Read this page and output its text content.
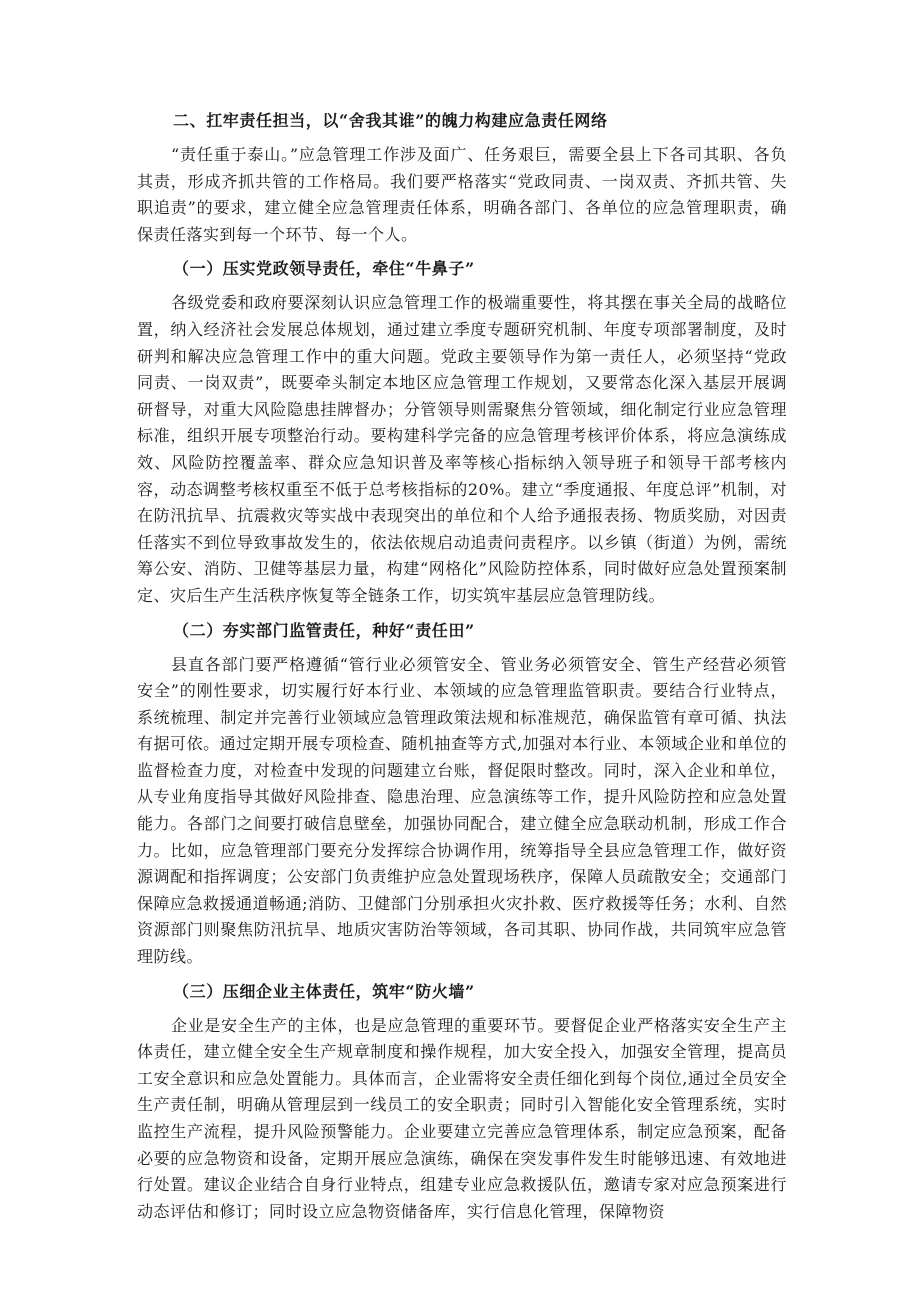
二、扛牢责任担当，以“舍我其谁”的魄力构建应急责任网络

“责任重于泰山。”应急管理工作涉及面广、任务艰巨，需要全县上下各司其职、各负其责，形成齐抓共管的工作格局。我们要严格落实“党政同责、一岗双责、齐抓共管、失职追责”的要求，建立健全应急管理责任体系，明确各部门、各单位的应急管理职责，确保责任落实到每一个环节、每一个人。

（一）压实党政领导责任，牵住“牛鼻子”

各级党委和政府要深刻认识应急管理工作的极端重要性，将其摆在事关全局的战略位置，纳入经济社会发展总体规划，通过建立季度专题研究机制、年度专项部署制度，及时研判和解决应急管理工作中的重大问题。党政主要领导作为第一责任人，必须坚持“党政同责、一岗双责”，既要牵头制定本地区应急管理工作规划，又要常态化深入基层开展调研督导，对重大风险隐患挂牌督办；分管领导则需聚焦分管领域，细化制定行业应急管理标准，组织开展专项整治行动。要构建科学完备的应急管理考核评价体系，将应急演练成效、风险防控覆盖率、群众应急知识普及率等核心指标纳入领导班子和领导干部考核内容，动态调整考核权重至不低于总考核指标的20%。建立“季度通报、年度总评”机制，对在防汛抗旱、抗震救灾等实战中表现突出的单位和个人给予通报表扬、物质奖励，对因责任落实不到位导致事故发生的，依法依规启动追责问责程序。以乡镇（街道）为例，需统筹公安、消防、卫健等基层力量，构建“网格化”风险防控体系，同时做好应急处置预案制定、灾后生产生活秩序恢复等全链条工作，切实筑牢基层应急管理防线。

（二）夯实部门监管责任，种好“责任田”

县直各部门要严格遵循“管行业必须管安全、管业务必须管安全、管生产经营必须管安全”的刚性要求，切实履行好本行业、本领域的应急管理监管职责。要结合行业特点，系统梳理、制定并完善行业领域应急管理政策法规和标准规范，确保监管有章可循、执法有据可依。通过定期开展专项检查、随机抽查等方式,加强对本行业、本领域企业和单位的监督检查力度，对检查中发现的问题建立台账，督促限时整改。同时，深入企业和单位，从专业角度指导其做好风险排查、隐患治理、应急演练等工作，提升风险防控和应急处置能力。各部门之间要打破信息壁垒，加强协同配合，建立健全应急联动机制，形成工作合力。比如，应急管理部门要充分发挥综合协调作用，统筹指导全县应急管理工作，做好资源调配和指挥调度；公安部门负责维护应急处置现场秩序，保障人员疏散安全；交通部门保障应急救援通道畅通;消防、卫健部门分别承担火灾扑救、医疗救援等任务；水利、自然资源部门则聚焦防汛抗旱、地质灾害防治等领域，各司其职、协同作战，共同筑牢应急管理防线。

（三）压细企业主体责任，筑牢“防火墙”

企业是安全生产的主体，也是应急管理的重要环节。要督促企业严格落实安全生产主体责任，建立健全安全生产规章制度和操作规程，加大安全投入，加强安全管理，提高员工安全意识和应急处置能力。具体而言，企业需将安全责任细化到每个岗位,通过全员安全生产责任制，明确从管理层到一线员工的安全职责；同时引入智能化安全管理系统，实时监控生产流程，提升风险预警能力。企业要建立完善应急管理体系，制定应急预案，配备必要的应急物资和设备，定期开展应急演练，确保在突发事件发生时能够迅速、有效地进行处置。建议企业结合自身行业特点，组建专业应急救援队伍，邀请专家对应急预案进行动态评估和修订；同时设立应急物资储备库，实行信息化管理，保障物资
